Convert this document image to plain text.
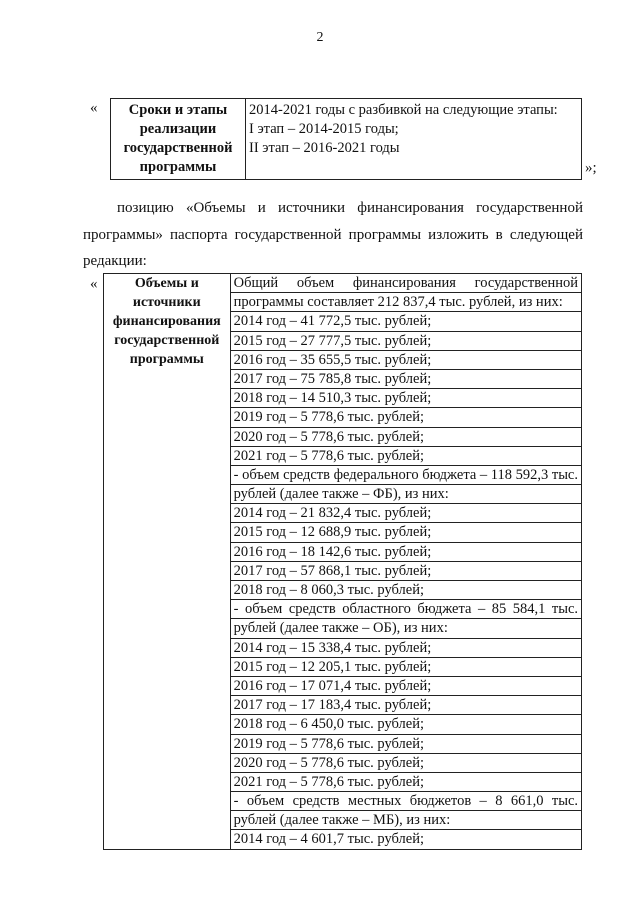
2
«	Сроки и этапы
реализации
государственной
программы

2014-2021 годы с разбивкой на следующие этапы:
I этап – 2014-2015 годы;
II этап – 2016-2021 годы
»;
позицию «Объемы и источники финансирования государственной программы» паспорта государственной программы изложить в следующей редакции:
«	Объемы и источники
финансирования
государственной
программы

Общий объем финансирования государственной
программы составляет 212 837,4 тыс. рублей, из них:
2014 год – 41 772,5 тыс. рублей;
2015 год – 27 777,5 тыс. рублей;
2016 год – 35 655,5 тыс. рублей;
2017 год – 75 785,8 тыс. рублей;
2018 год – 14 510,3 тыс. рублей;
2019 год – 5 778,6 тыс. рублей;
2020 год – 5 778,6 тыс. рублей;
2021 год – 5 778,6 тыс. рублей;
- объем средств федерального бюджета – 118 592,3 тыс.
рублей (далее также – ФБ), из них:
2014 год – 21 832,4 тыс. рублей;
2015 год – 12 688,9 тыс. рублей;
2016 год – 18 142,6 тыс. рублей;
2017 год – 57 868,1 тыс. рублей;
2018 год – 8 060,3 тыс. рублей;
- объем средств областного бюджета – 85 584,1 тыс.
рублей (далее также – ОБ), из них:
2014 год – 15 338,4 тыс. рублей;
2015 год – 12 205,1 тыс. рублей;
2016 год – 17 071,4 тыс. рублей;
2017 год – 17 183,4 тыс. рублей;
2018 год – 6 450,0 тыс. рублей;
2019 год – 5 778,6 тыс. рублей;
2020 год – 5 778,6 тыс. рублей;
2021 год – 5 778,6 тыс. рублей;
- объем средств местных бюджетов – 8 661,0 тыс.
рублей (далее также – МБ), из них:
2014 год – 4 601,7 тыс. рублей;
